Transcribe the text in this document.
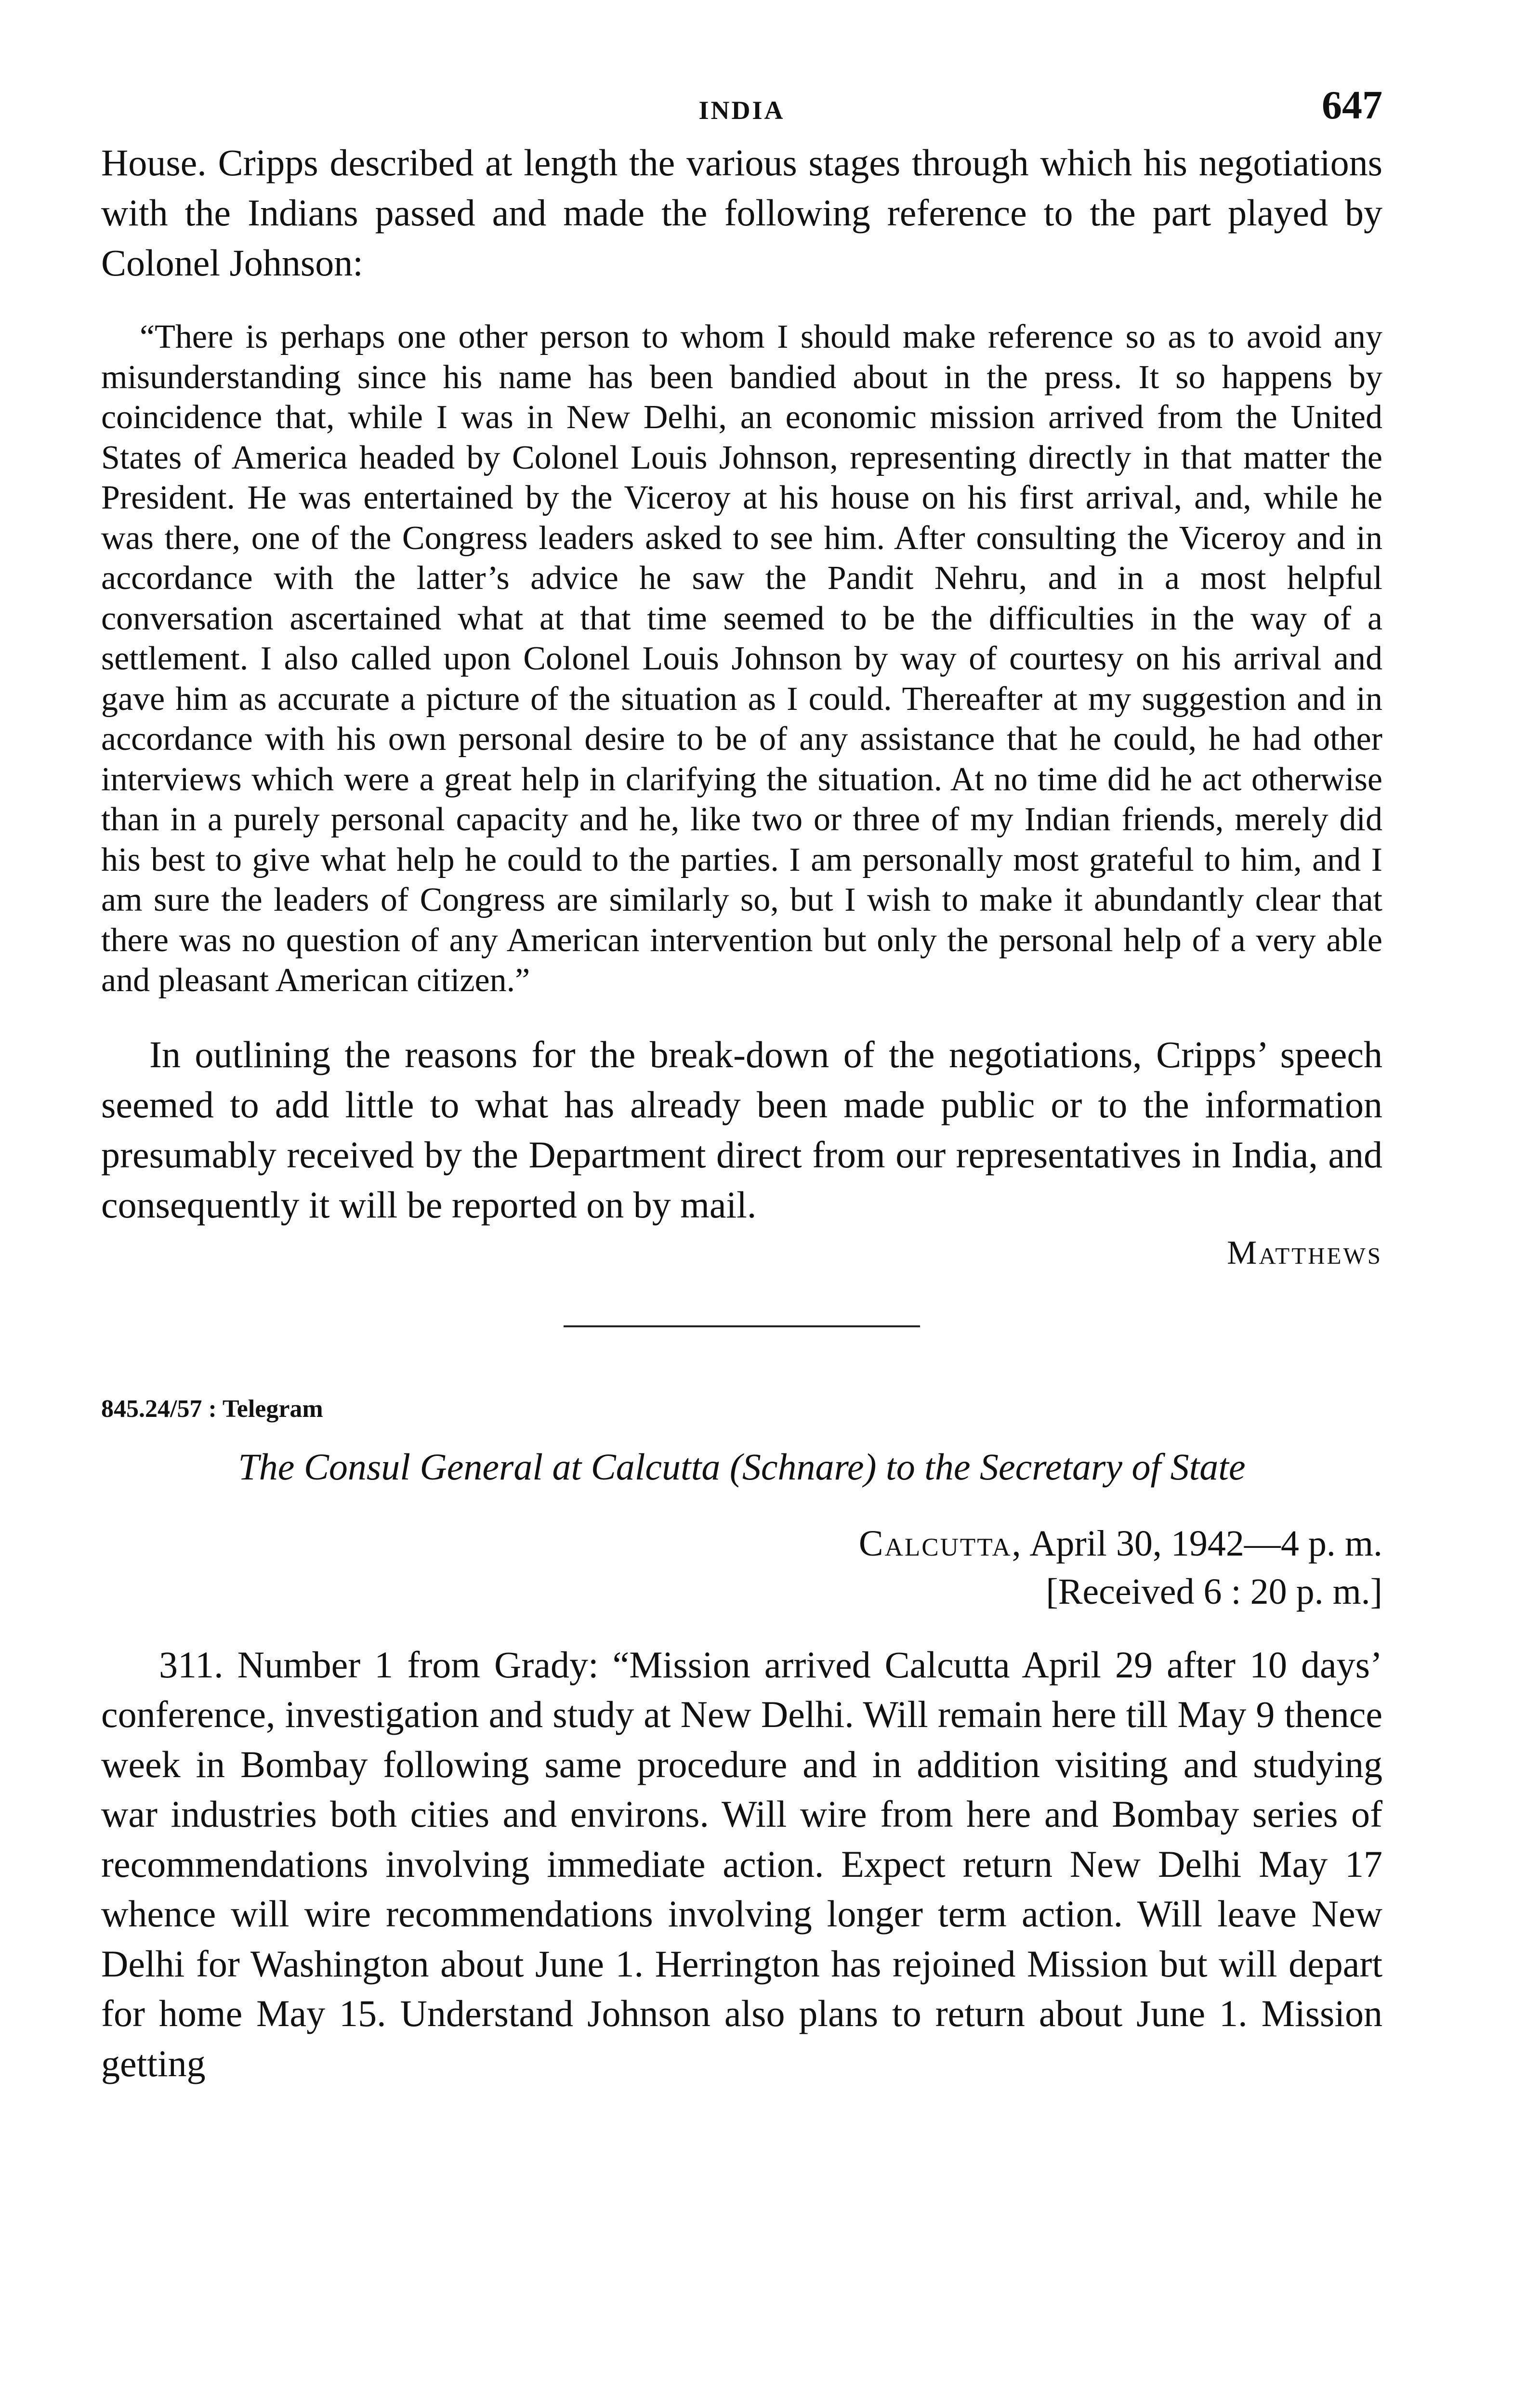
INDIA	647

House. Cripps described at length the various stages through which his negotiations with the Indians passed and made the following reference to the part played by Colonel Johnson:

“There is perhaps one other person to whom I should make reference so as to avoid any misunderstanding since his name has been bandied about in the press. It so happens by coincidence that, while I was in New Delhi, an economic mission arrived from the United States of America headed by Colonel Louis Johnson, representing directly in that matter the President. He was entertained by the Viceroy at his house on his first arrival, and, while he was there, one of the Congress leaders asked to see him. After consulting the Viceroy and in accordance with the latter’s advice he saw the Pandit Nehru, and in a most helpful conversation ascertained what at that time seemed to be the difficulties in the way of a settlement. I also called upon Colonel Louis Johnson by way of courtesy on his arrival and gave him as accurate a picture of the situation as I could. Thereafter at my suggestion and in accordance with his own personal desire to be of any assistance that he could, he had other interviews which were a great help in clarifying the situation. At no time did he act otherwise than in a purely personal capacity and he, like two or three of my Indian friends, merely did his best to give what help he could to the parties. I am personally most grateful to him, and I am sure the leaders of Congress are similarly so, but I wish to make it abundantly clear that there was no question of any American intervention but only the personal help of a very able and pleasant American citizen.”

In outlining the reasons for the break-down of the negotiations, Cripps’ speech seemed to add little to what has already been made public or to the information presumably received by the Department direct from our representatives in India, and consequently it will be reported on by mail.

Matthews

845.24/57 : Telegram

The Consul General at Calcutta (Schnare) to the Secretary of State

Calcutta, April 30, 1942—4 p. m.

[Received 6 : 20 p. m.]

311. Number 1 from Grady: “Mission arrived Calcutta April 29 after 10 days’ conference, investigation and study at New Delhi. Will remain here till May 9 thence week in Bombay following same procedure and in addition visiting and studying war industries both cities and environs. Will wire from here and Bombay series of recommendations involving immediate action. Expect return New Delhi May 17 whence will wire recommendations involving longer term action. Will leave New Delhi for Washington about June 1. Herrington has rejoined Mission but will depart for home May 15. Understand Johnson also plans to return about June 1. Mission getting
